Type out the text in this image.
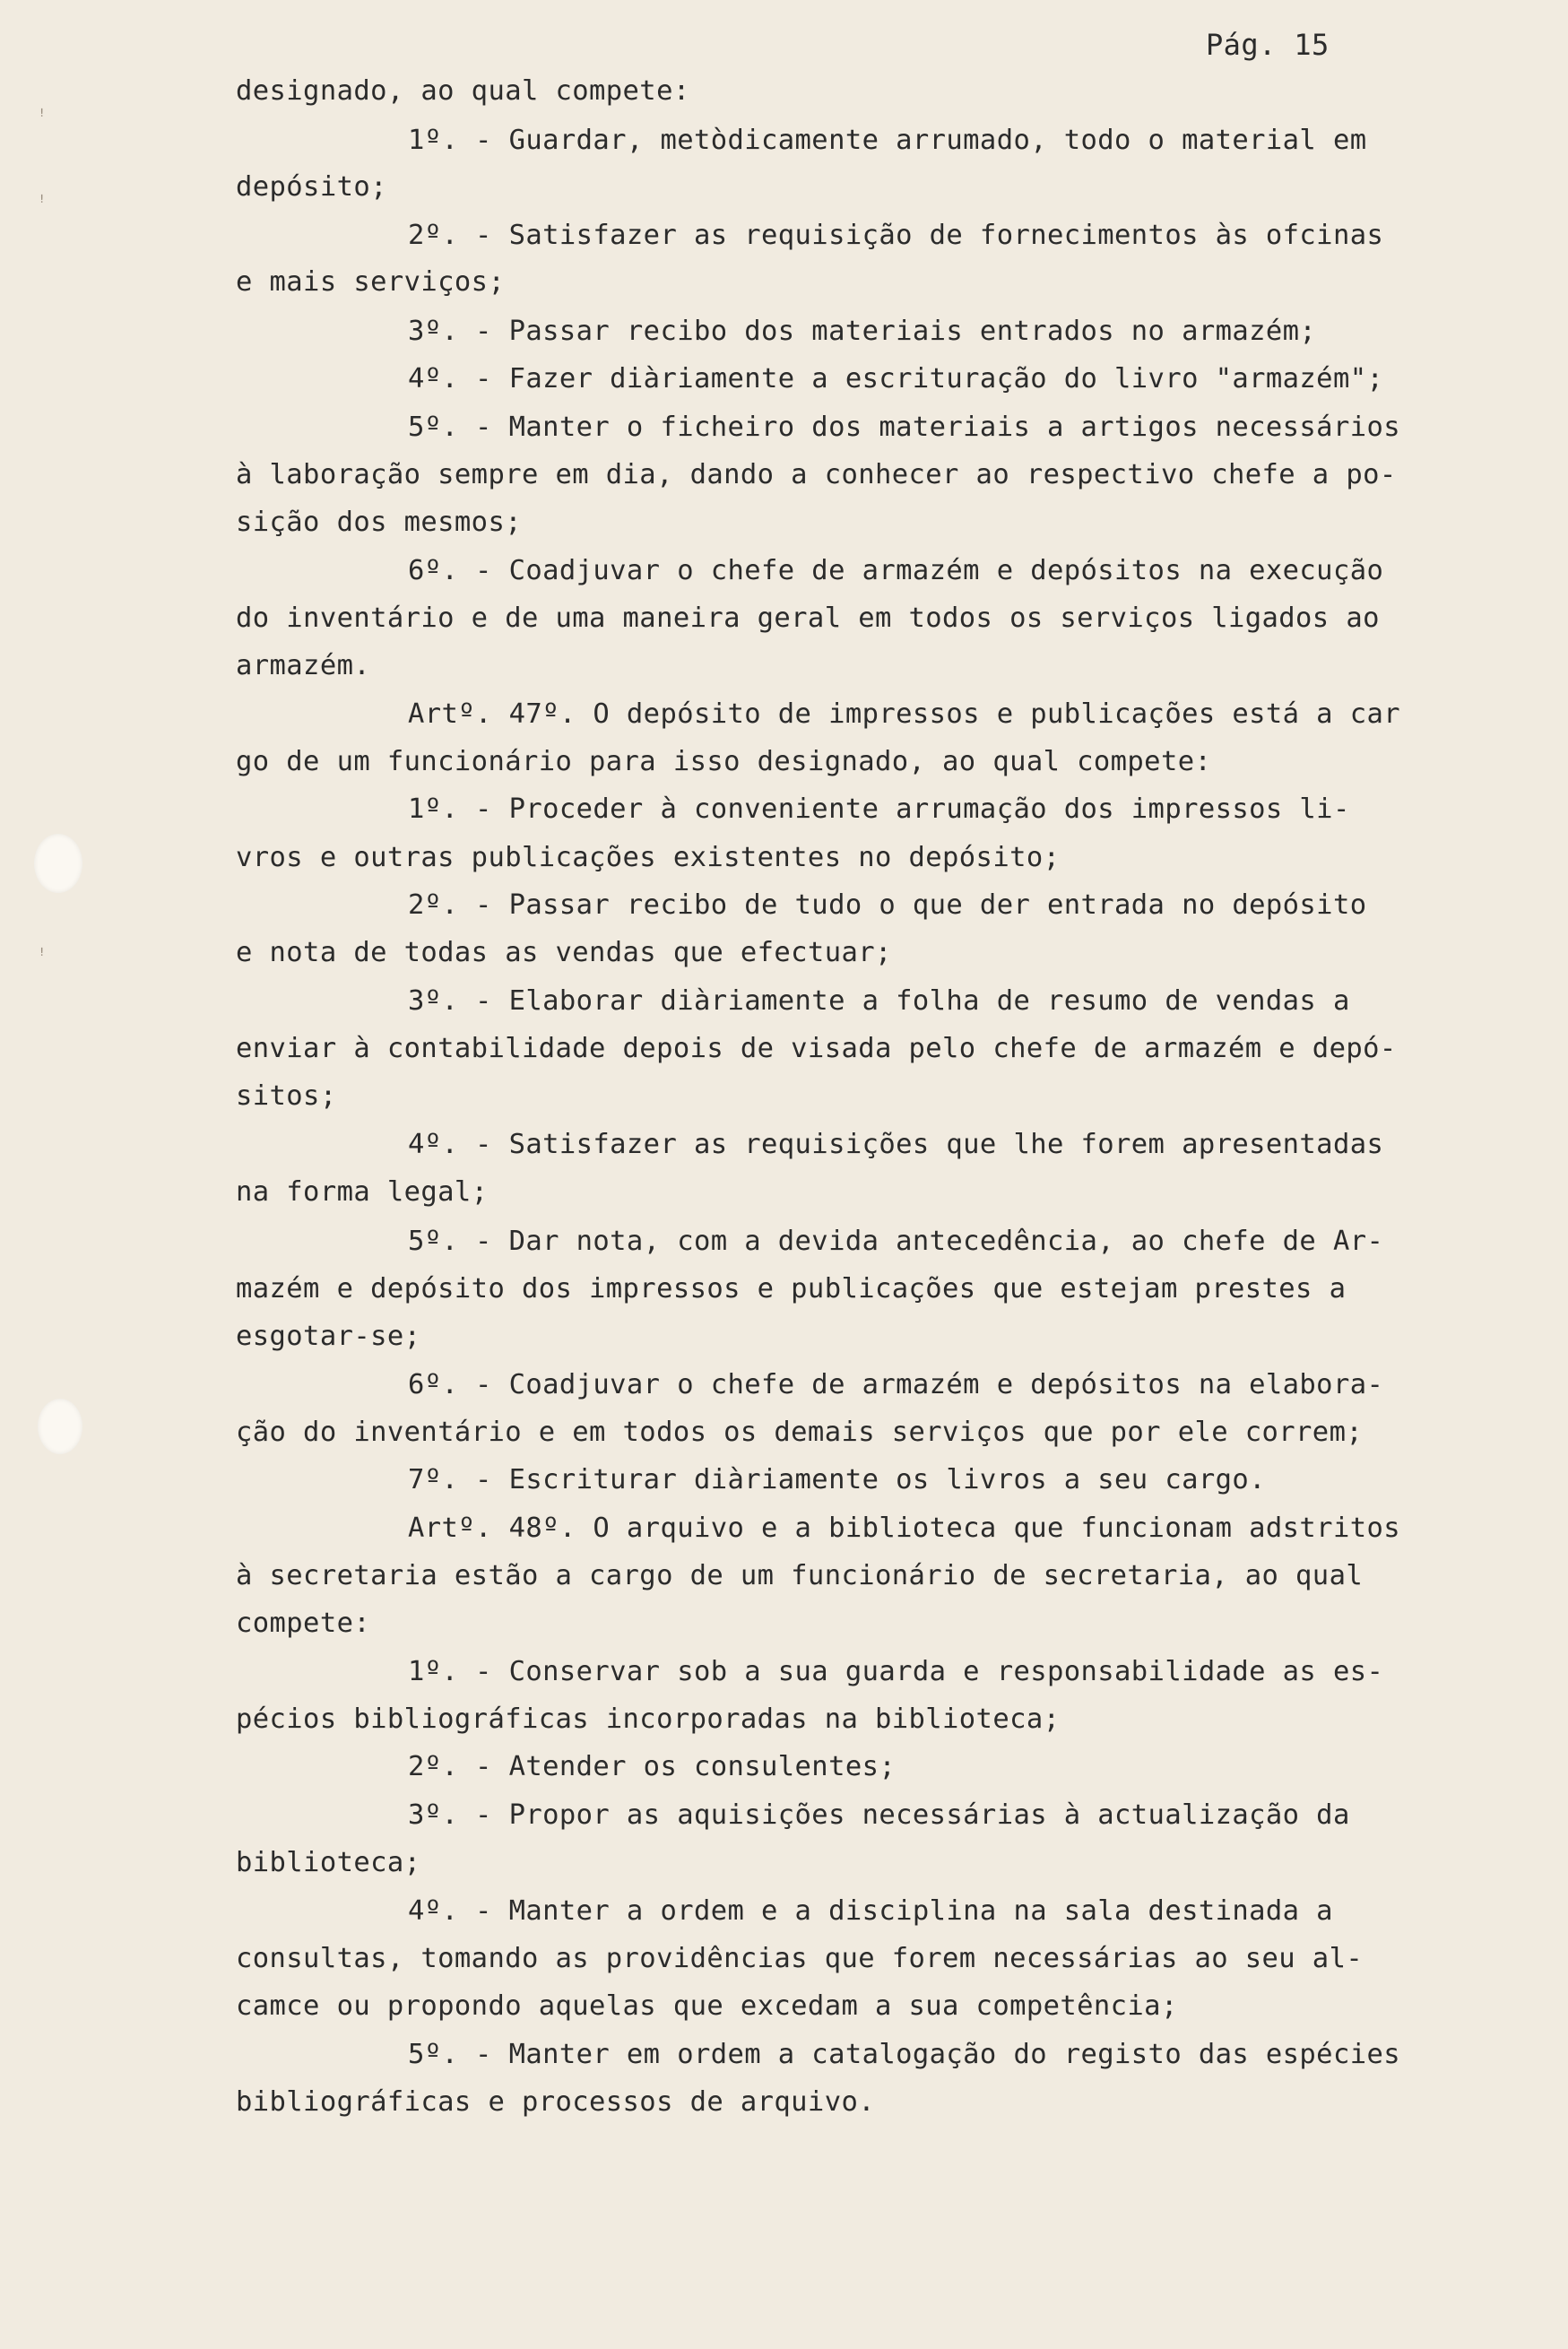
ꜝ
ꜝ
ꜝ
Pág. 15
designado, ao qual compete:
1º. - Guardar, metòdicamente arrumado, todo o material em
depósito;
2º. - Satisfazer as requisição de fornecimentos às ofcinas
e mais serviços;
3º. - Passar recibo dos materiais entrados no armazém;
4º. - Fazer diàriamente a escrituração do livro "armazém";
5º. - Manter o ficheiro dos materiais a artigos necessários
à laboração sempre em dia, dando a conhecer ao respectivo chefe a po-
sição dos mesmos;
6º. - Coadjuvar o chefe de armazém e depósitos na execução
do inventário e de uma maneira geral em todos os serviços ligados ao
armazém.
Artº. 47º. O depósito de impressos e publicações está a car
go de um funcionário para isso designado, ao qual compete:
1º. - Proceder à conveniente arrumação dos impressos li-
vros e outras publicações existentes no depósito;
2º. - Passar recibo de tudo o que der entrada no depósito
e nota de todas as vendas que efectuar;
3º. - Elaborar diàriamente a folha de resumo de vendas a
enviar à contabilidade depois de visada pelo chefe de armazém e depó-
sitos;
4º. - Satisfazer as requisições que lhe forem apresentadas
na forma legal;
5º. - Dar nota, com a devida antecedência, ao chefe de Ar-
mazém e depósito dos impressos e publicações que estejam prestes a
esgotar-se;
6º. - Coadjuvar o chefe de armazém e depósitos na elabora-
ção do inventário e em todos os demais serviços que por ele correm;
7º. - Escriturar diàriamente os livros a seu cargo.
Artº. 48º. O arquivo e a biblioteca que funcionam adstritos
à secretaria estão a cargo de um funcionário de secretaria, ao qual
compete:
1º. - Conservar sob a sua guarda e responsabilidade as es-
pécios bibliográficas incorporadas na biblioteca;
2º. - Atender os consulentes;
3º. - Propor as aquisições necessárias à actualização da
biblioteca;
4º. - Manter a ordem e a disciplina na sala destinada a
consultas, tomando as providências que forem necessárias ao seu al-
camce ou propondo aquelas que excedam a sua competência;
5º. - Manter em ordem a catalogação do registo das espécies
bibliográficas e processos de arquivo.
